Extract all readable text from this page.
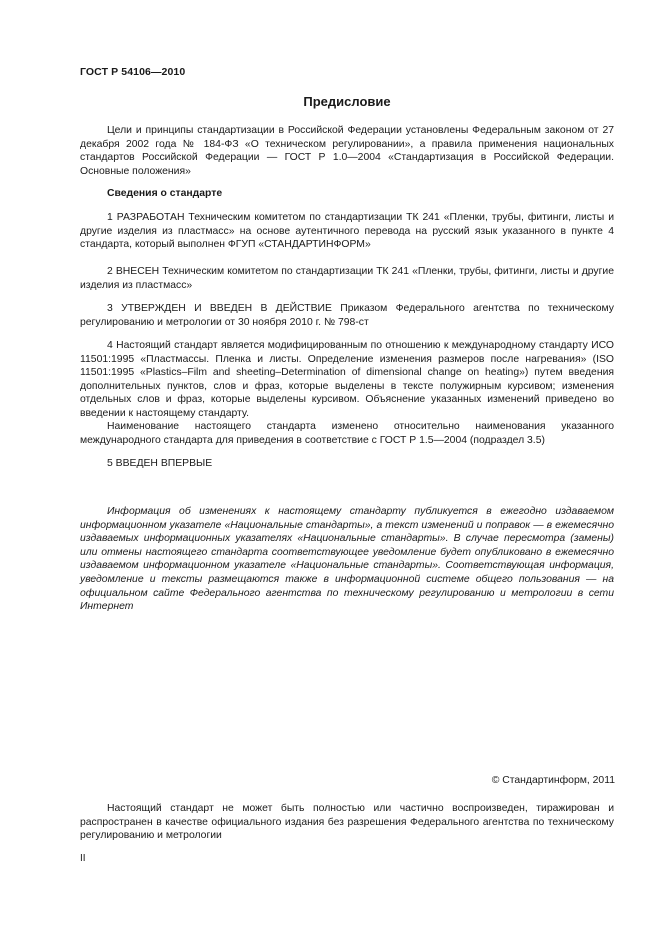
ГОСТ Р 54106—2010
Предисловие

Цели и принципы стандартизации в Российской Федерации установлены Федеральным законом от 27 декабря 2002 года № 184-ФЗ «О техническом регулировании», а правила применения национальных стандартов Российской Федерации — ГОСТ Р 1.0—2004 «Стандартизация в Российской Федерации. Основные положения»

Сведения о стандарте

1 РАЗРАБОТАН Техническим комитетом по стандартизации ТК 241 «Пленки, трубы, фитинги, листы и другие изделия из пластмасс» на основе аутентичного перевода на русский язык указанного в пункте 4 стандарта, который выполнен ФГУП «СТАНДАРТИНФОРМ»

2 ВНЕСЕН Техническим комитетом по стандартизации ТК 241 «Пленки, трубы, фитинги, листы и другие изделия из пластмасс»

3 УТВЕРЖДЕН И ВВЕДЕН В ДЕЙСТВИЕ Приказом Федерального агентства по техническому регулированию и метрологии от 30 ноября 2010 г. № 798-ст

4 Настоящий стандарт является модифицированным по отношению к международному стандарту ИСО 11501:1995 «Пластмассы. Пленка и листы. Определение изменения размеров после нагревания» (ISO 11501:1995 «Plastics–Film and sheeting–Determination of dimensional change on heating») путем введения дополнительных пунктов, слов и фраз, которые выделены в тексте полужирным курсивом; изменения отдельных слов и фраз, которые выделены курсивом. Объяснение указанных изменений приведено во введении к настоящему стандарту.

Наименование настоящего стандарта изменено относительно наименования указанного международного стандарта для приведения в соответствие с ГОСТ Р 1.5—2004 (подраздел 3.5)

5 ВВЕДЕН ВПЕРВЫЕ

Информация об изменениях к настоящему стандарту публикуется в ежегодно издаваемом информационном указателе «Национальные стандарты», а текст изменений и поправок — в ежемесячно издаваемых информационных указателях «Национальные стандарты». В случае пересмотра (замены) или отмены настоящего стандарта соответствующее уведомление будет опубликовано в ежемесячно издаваемом информационном указателе «Национальные стандарты». Соответствующая информация, уведомление и тексты размещаются также в информационной системе общего пользования — на официальном сайте Федерального агентства по техническому регулированию и метрологии в сети Интернет

© Стандартинформ, 2011

Настоящий стандарт не может быть полностью или частично воспроизведен, тиражирован и распространен в качестве официального издания без разрешения Федерального агентства по техническому регулированию и метрологии

II
